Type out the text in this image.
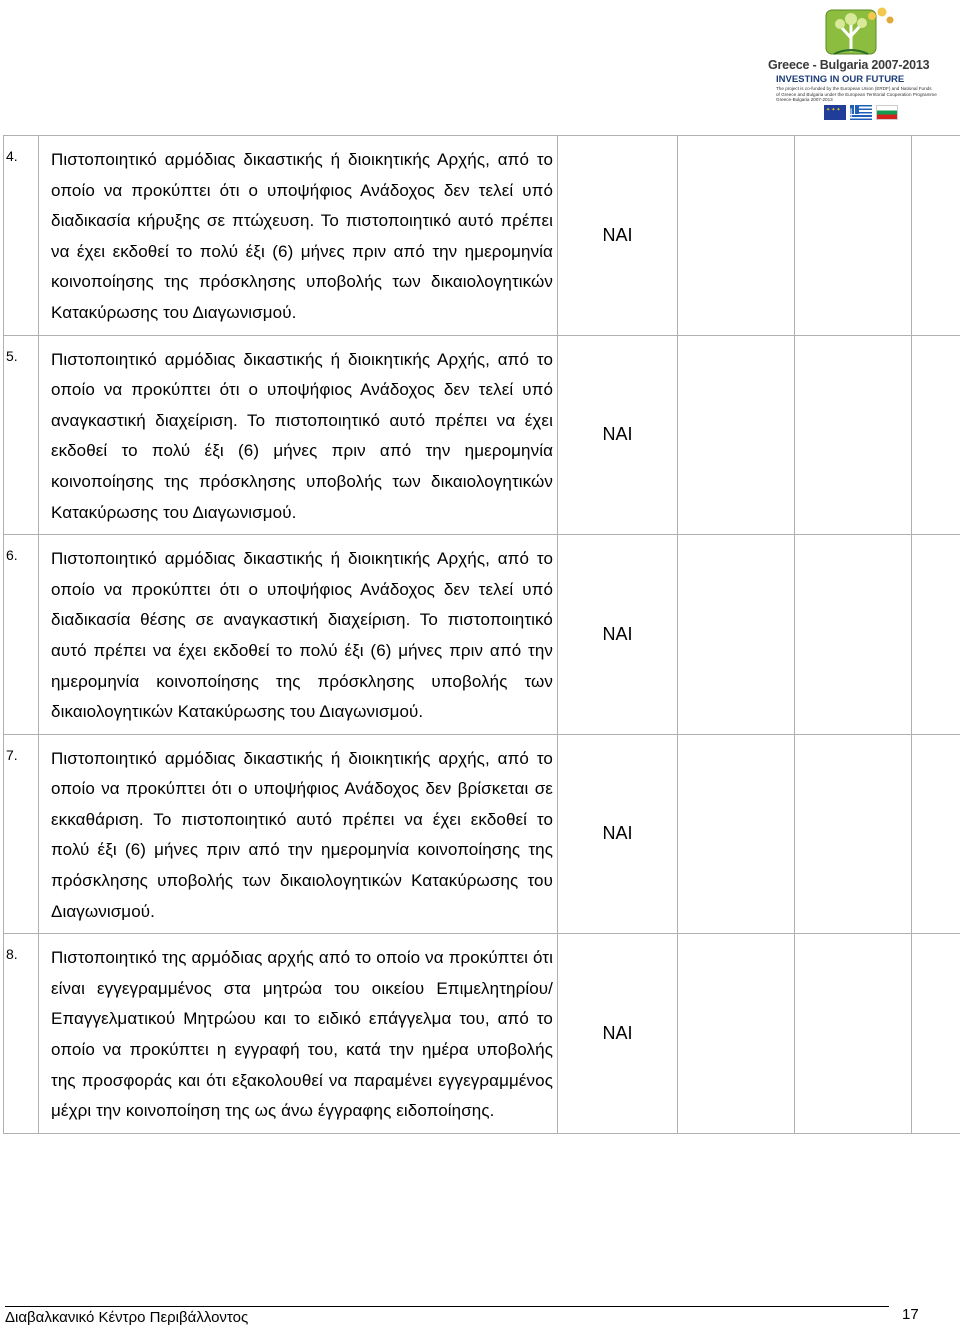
Greece - Bulgaria 2007-2013
INVESTING IN OUR FUTURE
The project is co-funded by the European Union (ERDF) and National Funds
of Greece and Bulgaria under the European Territorial Cooperation Programme
Greece-Bulgaria 2007-2013
✦✦✦
4.	Πιστοποιητικό αρμόδιας δικαστικής ή διοικητικής Αρχής, από το οποίο να προκύπτει ότι ο υποψήφιος Ανάδοχος δεν τελεί υπό διαδικασία κήρυξης σε πτώχευση. Το πιστοποιητικό αυτό πρέπει να έχει εκδοθεί το πολύ έξι (6) μήνες πριν από την ημερομηνία κοινοποίησης της πρόσκλησης υποβολής των δικαιολογητικών Κατακύρωσης του Διαγωνισμού.	ΝΑΙ			
5.	Πιστοποιητικό αρμόδιας δικαστικής ή διοικητικής Αρχής, από το οποίο να προκύπτει ότι ο υποψήφιος Ανάδοχος δεν τελεί υπό αναγκαστική διαχείριση. Το πιστοποιητικό αυτό πρέπει να έχει εκδοθεί το πολύ έξι (6) μήνες πριν από την ημερομηνία κοινοποίησης της πρόσκλησης υποβολής των δικαιολογητικών Κατακύρωσης του Διαγωνισμού.	ΝΑΙ			
6.	Πιστοποιητικό αρμόδιας δικαστικής ή διοικητικής Αρχής, από το οποίο να προκύπτει ότι ο υποψήφιος Ανάδοχος δεν τελεί υπό διαδικασία θέσης σε αναγκαστική διαχείριση. Το πιστοποιητικό αυτό πρέπει να έχει εκδοθεί το πολύ έξι (6) μήνες πριν από την ημερομηνία κοινοποίησης της πρόσκλησης υποβολής των δικαιολογητικών Κατακύρωσης του Διαγωνισμού.	ΝΑΙ			
7.	Πιστοποιητικό αρμόδιας δικαστικής ή διοικητικής αρχής, από το οποίο να προκύπτει ότι ο υποψήφιος Ανάδοχος δεν βρίσκεται σε εκκαθάριση. Το πιστοποιητικό αυτό πρέπει να έχει εκδοθεί το πολύ έξι (6) μήνες πριν από την ημερομηνία κοινοποίησης της πρόσκλησης υποβολής των δικαιολογητικών Κατακύρωσης του Διαγωνισμού.	ΝΑΙ			
8.	Πιστοποιητικό της αρμόδιας αρχής από το οποίο να προκύπτει ότι είναι εγγεγραμμένος στα μητρώα του οικείου Επιμελητηρίου/Επαγγελματικού Μητρώου και το ειδικό επάγγελμα του, από το οποίο να προκύπτει η εγγραφή του, κατά την ημέρα υποβολής της προσφοράς και ότι εξακολουθεί να παραμένει εγγεγραμμένος μέχρι την κοινοποίηση της ως άνω έγγραφης ειδοποίησης.	ΝΑΙ			
Διαβαλκανικό Κέντρο Περιβάλλοντος	17
